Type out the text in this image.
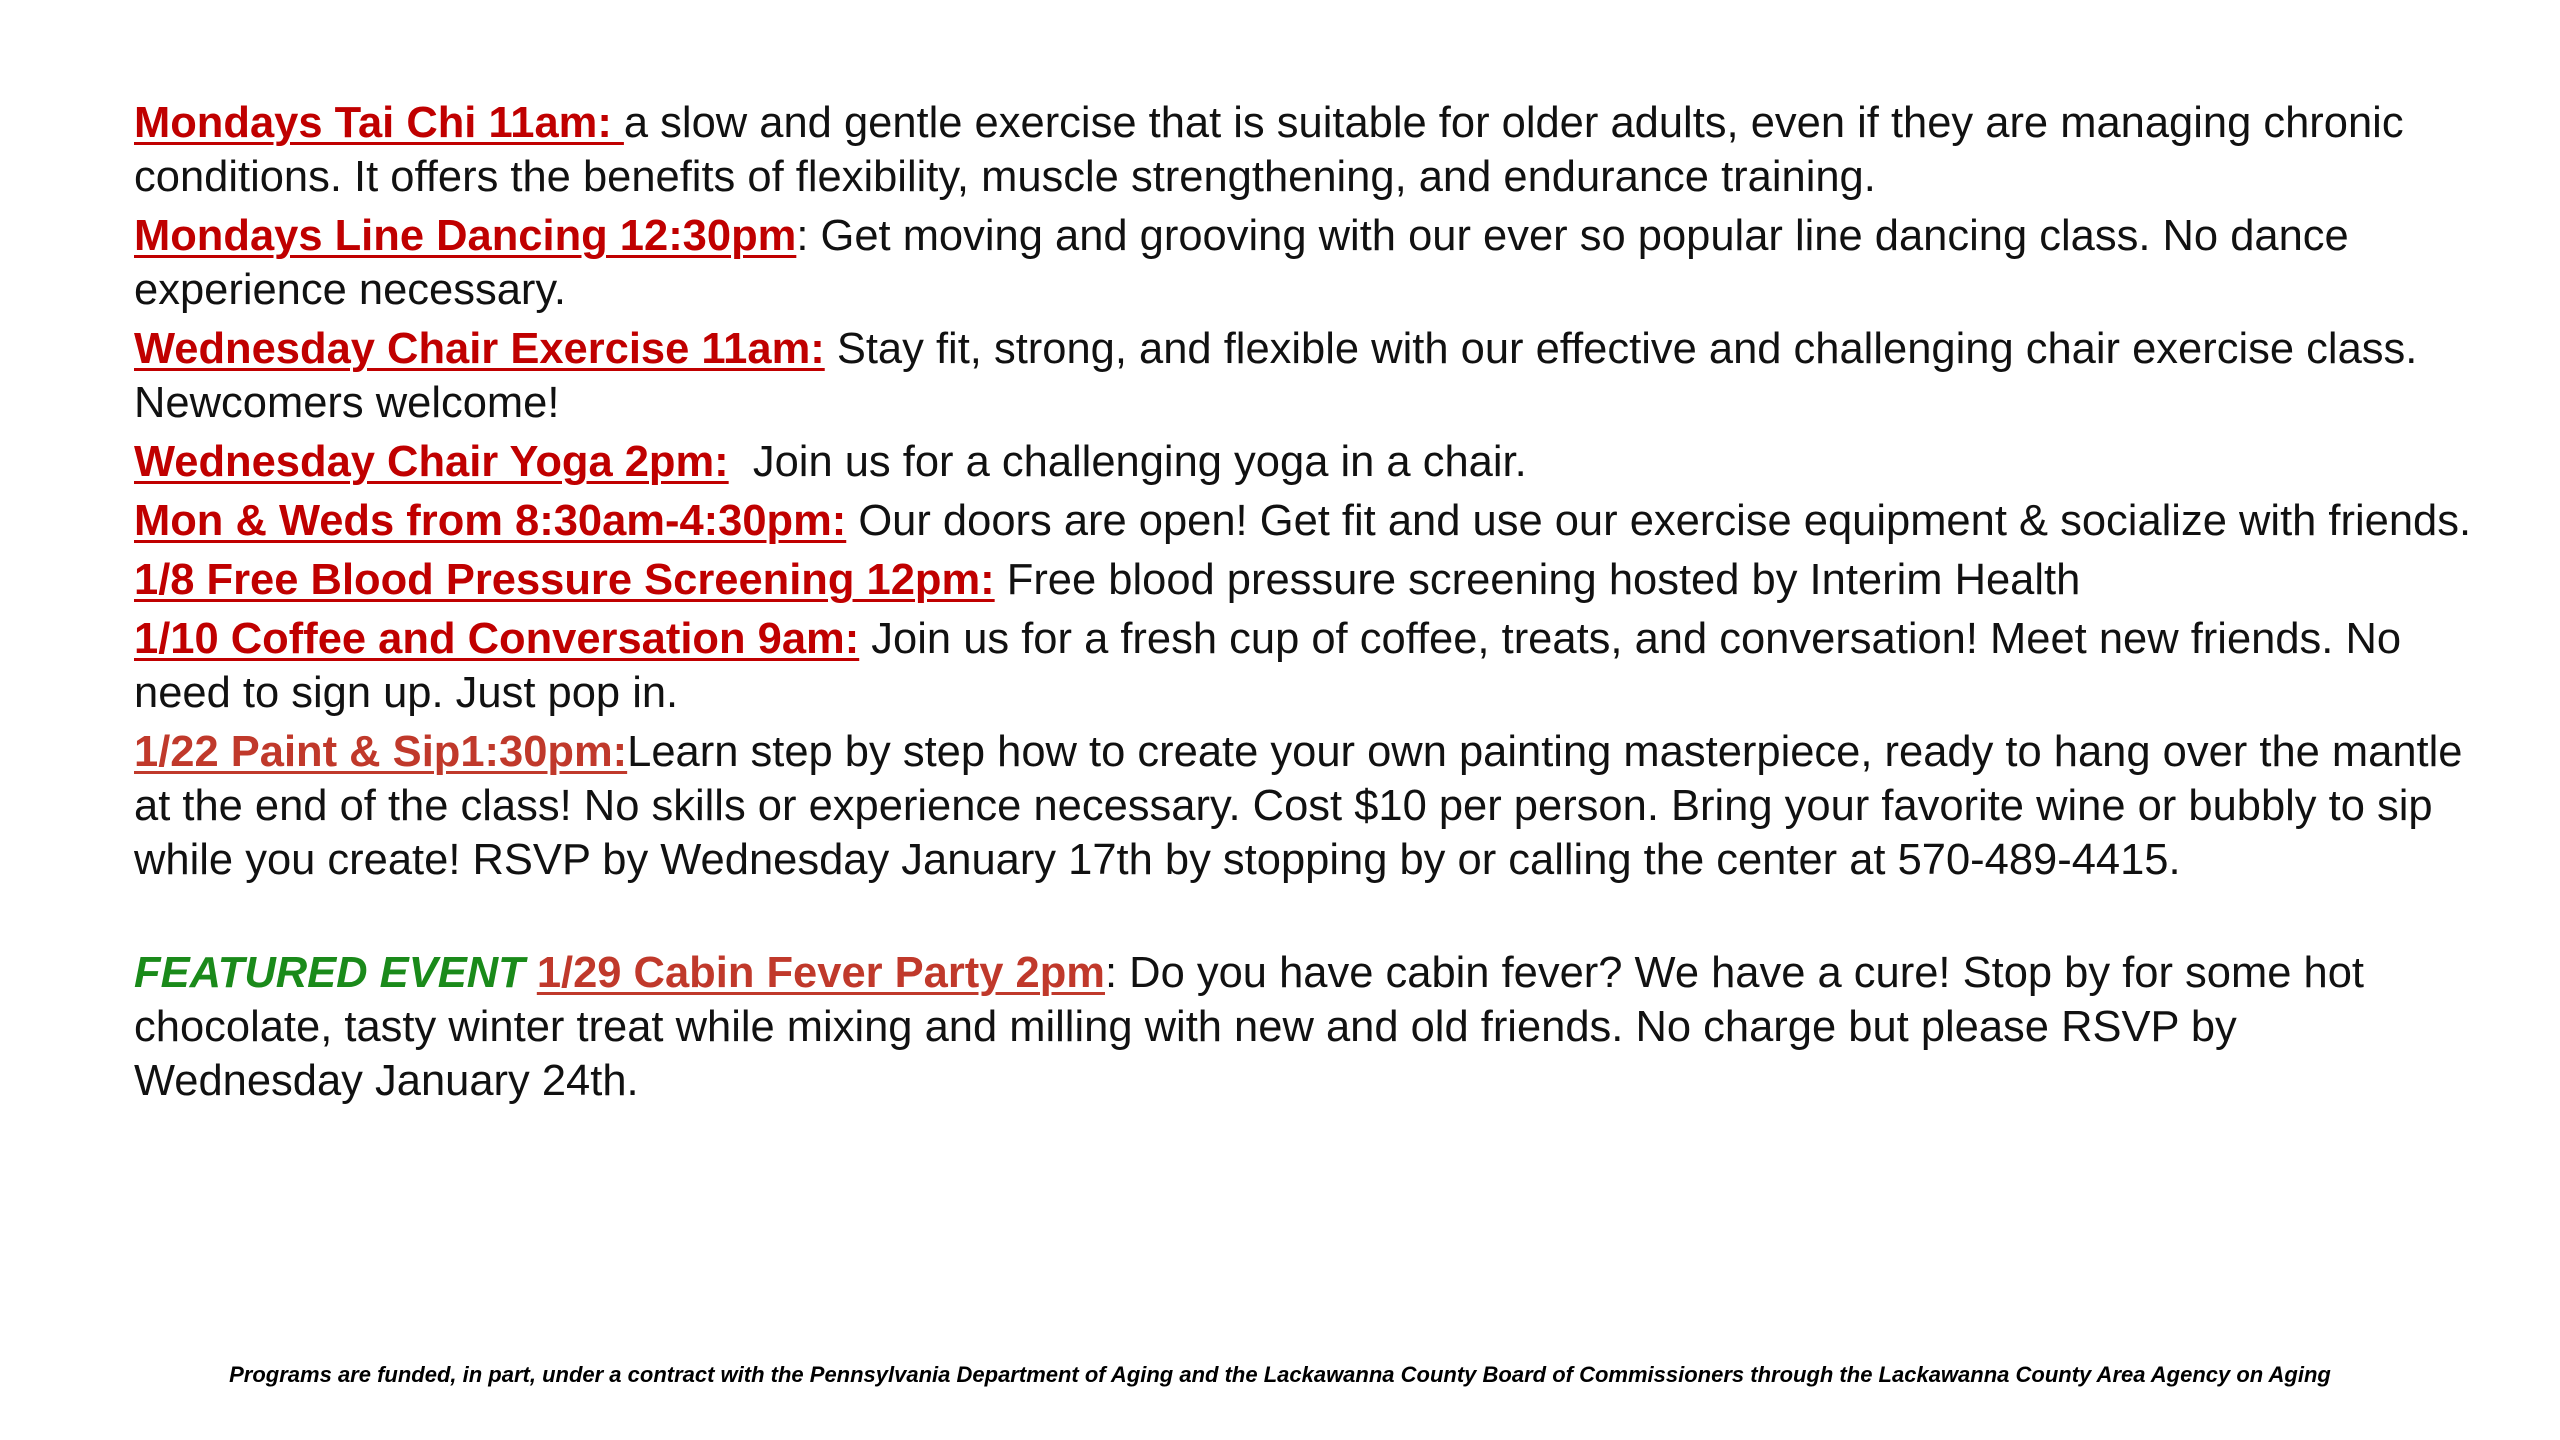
Mondays Tai Chi 11am: a slow and gentle exercise that is suitable for older adults, even if they are managing chronic conditions. It offers the benefits of flexibility, muscle strengthening, and endurance training.

Mondays Line Dancing 12:30pm: Get moving and grooving with our ever so popular line dancing class. No dance experience necessary.

Wednesday Chair Exercise 11am: Stay fit, strong, and flexible with our effective and challenging chair exercise class. Newcomers welcome!

Wednesday Chair Yoga 2pm:  Join us for a challenging yoga in a chair.

Mon & Weds from 8:30am-4:30pm: Our doors are open! Get fit and use our exercise equipment & socialize with friends.

1/8 Free Blood Pressure Screening 12pm: Free blood pressure screening hosted by Interim Health

1/10 Coffee and Conversation 9am: Join us for a fresh cup of coffee, treats, and conversation! Meet new friends. No need to sign up. Just pop in.

1/22 Paint & Sip1:30pm:Learn step by step how to create your own painting masterpiece, ready to hang over the mantle at the end of the class! No skills or experience necessary. Cost $10 per person. Bring your favorite wine or bubbly to sip while you create! RSVP by Wednesday January 17th by stopping by or calling the center at 570-489-4415.

FEATURED EVENT 1/29 Cabin Fever Party 2pm: Do you have cabin fever? We have a cure! Stop by for some hot chocolate, tasty winter treat while mixing and milling with new and old friends. No charge but please RSVP by Wednesday January 24th.

Programs are funded, in part, under a contract with the Pennsylvania Department of Aging and the Lackawanna County Board of Commissioners through the Lackawanna County Area Agency on Aging
